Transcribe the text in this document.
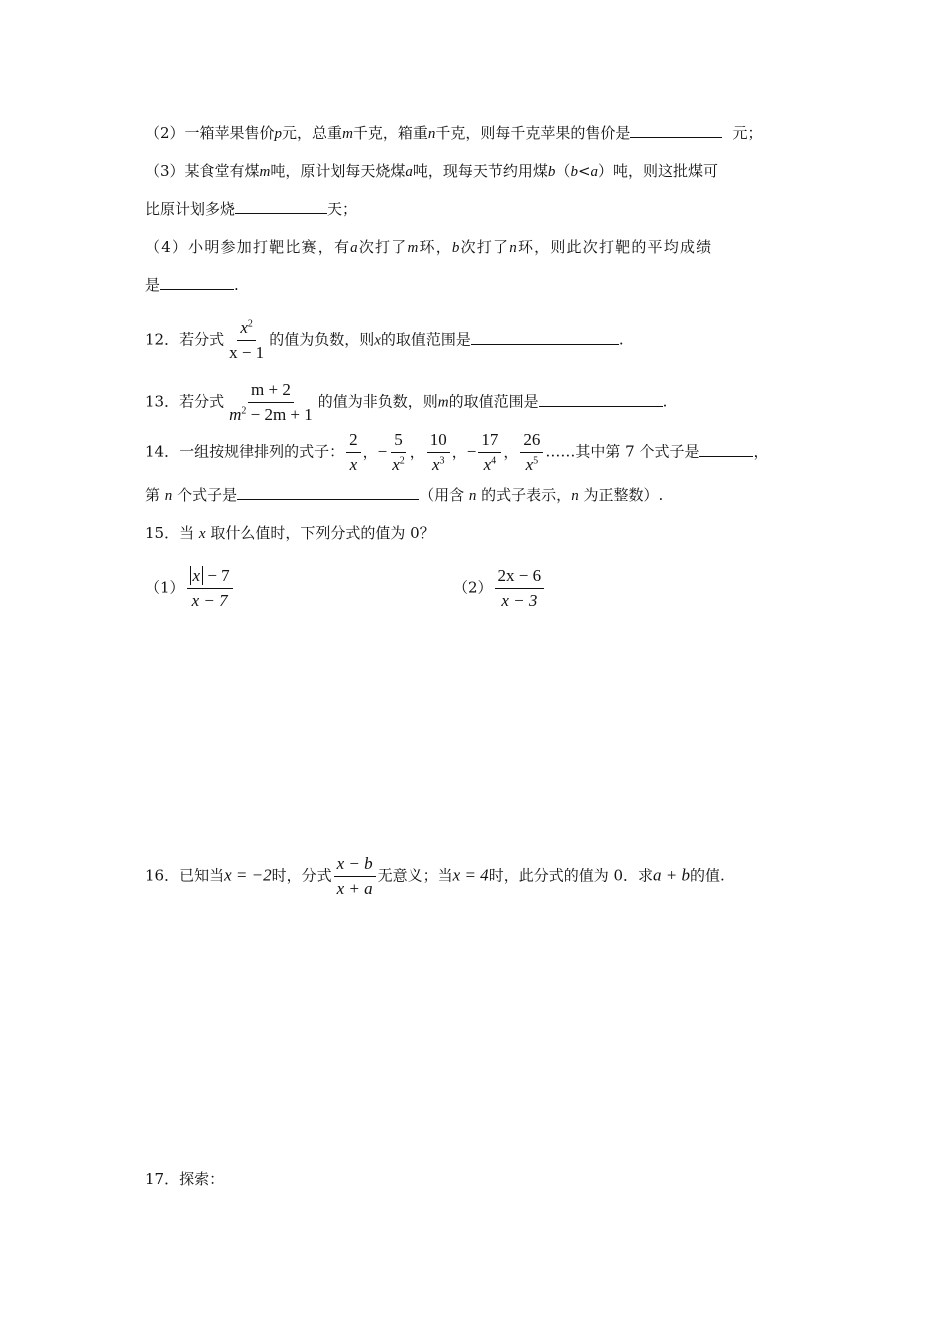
（2）一箱苹果售价p元，总重m千克，箱重n千克，则每千克苹果的售价是	元；
（3）某食堂有煤m吨，原计划每天烧煤a吨，现每天节约用煤b（b<a）吨，则这批煤可
比原计划多烧	天；
（4）小明参加打靶比赛，有a次打了m环，b次打了n环，则此次打靶的平均成绩
是	.
12．若分式 $\frac{x^2}{x - 1}$ 的值为负数，则x的取值范围是	.
13．若分式 $\frac{m + 2}{m^2 - 2m + 1}$ 的值为非负数，则m的取值范围是	.
14．一组按规律排列的式子： $\frac{2}{x}$ ，− $\frac{5}{x^2}$ ， $\frac{10}{x^3}$ ，− $\frac{17}{x^4}$ ， $\frac{26}{x^5}$ ……其中第 7 个式子是	，
第 n 个式子是	（用含 n 的式子表示，n 为正整数）.
15．当 x 取什么值时，下列分式的值为 0？
$(1) \frac{x - 7}{x - 7}$	$(2) \frac{2x - 6}{x - 3}$
16．已知当x = −2时，分式 $\frac{x - b}{x + a}$ 无意义；当x = 4时，此分式的值为 0．求a + b的值.
17．探索：
